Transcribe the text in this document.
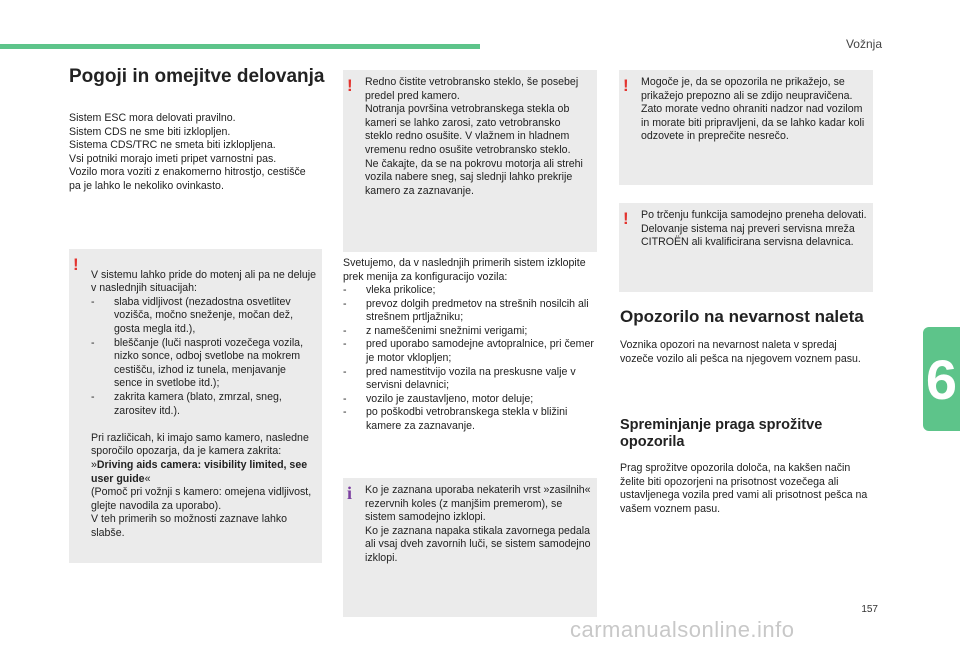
Vožnja
6
157
carmanualsonline.info
Pogoji in omejitve delovanja

Sistem ESC mora delovati pravilno.
Sistem CDS ne sme biti izklopljen.
Sistema CDS/TRC ne smeta biti izklopljena.
Vsi potniki morajo imeti pripet varnostni pas.
Vozilo mora voziti z enakomerno hitrostjo, cestišče pa je lahko le nekoliko ovinkasto.

!

V sistemu lahko pride do motenj ali pa ne deluje v naslednjih situacijah:

- slaba vidljivost (nezadostna osvetlitev vozišča, močno sneženje, močan dež, gosta megla itd.),
- bleščanje (luči nasproti vozečega vozila, nizko sonce, odboj svetlobe na mokrem cestišču, izhod iz tunela, menjavanje sence in svetlobe itd.);
- zakrita kamera (blato, zmrzal, sneg, zarositev itd.).

Pri različicah, ki imajo samo kamero, nasledne sporočilo opozarja, da je kamera zakrita: »Driving aids camera: visibility limited, see user guide«
(Pomoč pri vožnji s kamero: omejena vidljivost, glejte navodila za uporabo).
V teh primerih so možnosti zaznave lahko slabše.

! Redno čistite vetrobransko steklo, še posebej predel pred kamero.
Notranja površina vetrobranskega stekla ob kameri se lahko zarosi, zato vetrobransko steklo redno osušite. V vlažnem in hladnem vremenu redno osušite vetrobransko steklo.
Ne čakajte, da se na pokrovu motorja ali strehi vozila nabere sneg, saj slednji lahko prekrije kamero za zaznavanje.

Svetujemo, da v naslednjih primerih sistem izklopite prek menija za konfiguracijo vozila:

- vleka prikolice;
- prevoz dolgih predmetov na strešnih nosilcih ali strešnem prtljažniku;
- z nameščenimi snežnimi verigami;
- pred uporabo samodejne avtopralnice, pri čemer je motor vklopljen;
- pred namestitvijo vozila na preskusne valje v servisni delavnici;
- vozilo je zaustavljeno, motor deluje;
- po poškodbi vetrobranskega stekla v bližini kamere za zaznavanje.
i Ko je zaznana uporaba nekaterih vrst »zasilnih« rezervnih koles (z manjšim premerom), se sistem samodejno izklopi.
Ko je zaznana napaka stikala zavornega pedala ali vsaj dveh zavornih luči, se sistem samodejno izklopi.
! Mogoče je, da se opozorila ne prikažejo, se prikažejo prepozno ali se zdijo neupravičena.
Zato morate vedno ohraniti nadzor nad vozilom in morate biti pripravljeni, da se lahko kadar koli odzovete in preprečite nesrečo.
! Po trčenju funkcija samodejno preneha delovati. Delovanje sistema naj preveri servisna mreža CITROËN ali kvalificirana servisna delavnica.
Opozorilo na nevarnost naleta

Voznika opozori na nevarnost naleta v spredaj vozeče vozilo ali pešca na njegovem voznem pasu.

Spreminjanje praga sprožitve opozorila

Prag sprožitve opozorila določa, na kakšen način želite biti opozorjeni na prisotnost vozečega ali ustavljenega vozila pred vami ali prisotnost pešca na vašem voznem pasu.
